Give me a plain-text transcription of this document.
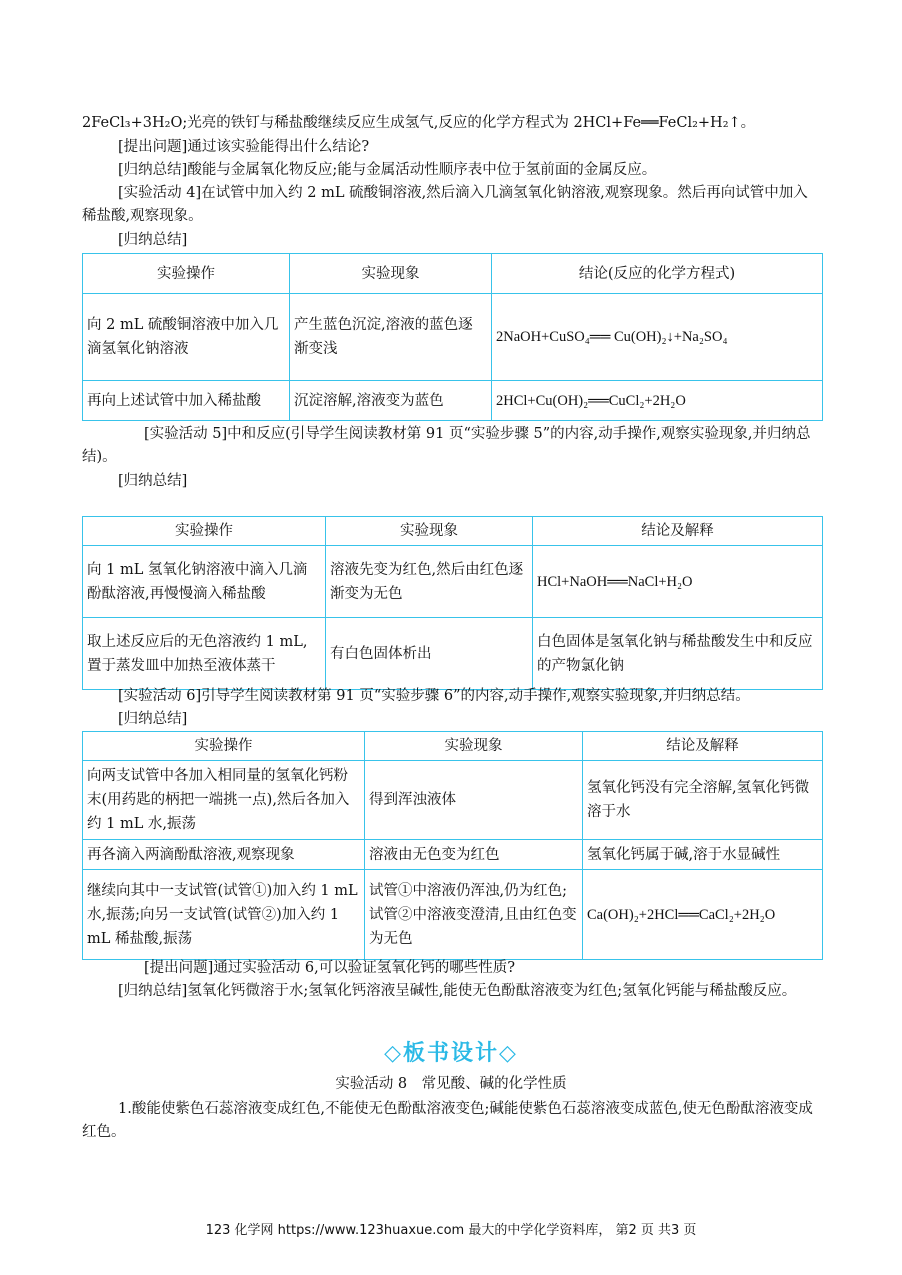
2FeCl₃+3H₂O;光亮的铁钉与稀盐酸继续反应生成氢气,反应的化学方程式为 2HCl+Fe══FeCl₂+H₂↑。

[提出问题]通过该实验能得出什么结论?

[归纳总结]酸能与金属氧化物反应;能与金属活动性顺序表中位于氢前面的金属反应。

[实验活动 4]在试管中加入约 2 mL 硫酸铜溶液,然后滴入几滴氢氧化钠溶液,观察现象。然后再向试管中加入稀盐酸,观察现象。

[归纳总结]

实验操作	实验现象	结论(反应的化学方程式)
向 2 mL 硫酸铜溶液中加入几滴氢氧化钠溶液	产生蓝色沉淀,溶液的蓝色逐渐变浅	2NaOH+CuSO₄══ Cu(OH)₂↓+Na₂SO₄
再向上述试管中加入稀盐酸	沉淀溶解,溶液变为蓝色	2HCl+Cu(OH)₂══CuCl₂+2H₂O

[实验活动 5]中和反应(引导学生阅读教材第 91 页“实验步骤 5”的内容,动手操作,观察实验现象,并归纳总结)。

[归纳总结]

实验操作	实验现象	结论及解释
向 1 mL 氢氧化钠溶液中滴入几滴酚酞溶液,再慢慢滴入稀盐酸	溶液先变为红色,然后由红色逐渐变为无色	HCl+NaOH══NaCl+H₂O
取上述反应后的无色溶液约 1 mL,置于蒸发皿中加热至液体蒸干	有白色固体析出	白色固体是氢氧化钠与稀盐酸发生中和反应的产物氯化钠

[实验活动 6]引导学生阅读教材第 91 页“实验步骤 6”的内容,动手操作,观察实验现象,并归纳总结。

[归纳总结]

实验操作	实验现象	结论及解释
向两支试管中各加入相同量的氢氧化钙粉末(用药匙的柄把一端挑一点),然后各加入约 1 mL 水,振荡	得到浑浊液体	氢氧化钙没有完全溶解,氢氧化钙微溶于水
再各滴入两滴酚酞溶液,观察现象	溶液由无色变为红色	氢氧化钙属于碱,溶于水显碱性
继续向其中一支试管(试管①)加入约 1 mL 水,振荡;向另一支试管(试管②)加入约 1 mL 稀盐酸,振荡	试管①中溶液仍浑浊,仍为红色;试管②中溶液变澄清,且由红色变为无色	Ca(OH)₂+2HCl══CaCl₂+2H₂O

[提出问题]通过实验活动 6,可以验证氢氧化钙的哪些性质?

[归纳总结]氢氧化钙微溶于水;氢氧化钙溶液呈碱性,能使无色酚酞溶液变为红色;氢氧化钙能与稀盐酸反应。

◇板书设计◇
实验活动 8　常见酸、碱的化学性质

1.酸能使紫色石蕊溶液变成红色,不能使无色酚酞溶液变色;碱能使紫色石蕊溶液变成蓝色,使无色酚酞溶液变成红色。

123 化学网 https://www.123huaxue.com 最大的中学化学资料库， 第2 页 共3 页
